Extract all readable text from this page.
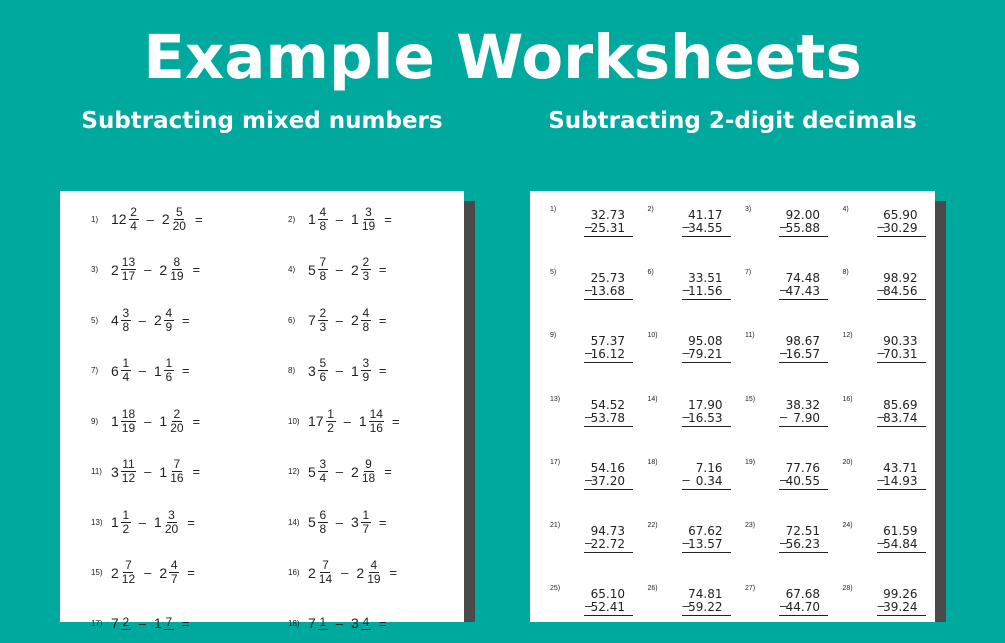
Example Worksheets
Subtracting mixed numbers	Subtracting 2-digit decimals
1) $12 \frac{2}{4} - 2 \frac{5}{20}$ =	2) $1 \frac{4}{8} - 1 \frac{3}{19}$ =
3) $2 \frac{13}{17} - 2 \frac{8}{19}$ =	4) $5 \frac{7}{8} - 2 \frac{2}{3}$ =
5) $4 \frac{3}{8} - 2 \frac{4}{9}$ =	6) $7 \frac{2}{3} - 2 \frac{4}{8}$ =
7) $6 \frac{1}{4} - 1 \frac{1}{6}$ =	8) $3 \frac{5}{6} - 1 \frac{3}{9}$ =
9) $1 \frac{18}{19} - 1 \frac{2}{20}$ =	10) $17 \frac{1}{2} - 1 \frac{14}{16}$ =
11) $3 \frac{11}{12} - 1 \frac{7}{16}$ =	12) $5 \frac{3}{4} - 2 \frac{9}{18}$ =
13) $1 \frac{1}{2} - 1 \frac{3}{20}$ =	14) $5 \frac{6}{8} - 3 \frac{1}{7}$ =
15) $2 \frac{7}{12} - 2 \frac{4}{7}$ =	16) $2 \frac{7}{14} - 2 \frac{4}{19}$ =
17) 7 2 – 1 7 =	18) 7 1 – 3 4 =
1)	32.73
–
25.31
2)	41.17
–
34.55
3)	92.00
–
55.88
4)	65.90
–
30.29
5)	25.73
–
13.68
6)	33.51
–
11.56
7)	74.48
–
47.43
8)	98.92
–
84.56
9)	57.37
–
16.12
10)	95.08
–
79.21
11)	98.67
–
16.57
12)	90.33
–
70.31
13)	54.52
–
53.78
14)	17.90
–
16.53
15)	38.32
– 7.90
16)	85.69
–
83.74
17)	54.16
–
37.20
18)	7.16
– 0.34
19)	77.76
–
40.55
20)	43.71
–
14.93
21)	94.73
–
22.72
22)	67.62
–
13.57
23)	72.51
–
56.23
24)	61.59
–
54.84
25)	65.10
–
52.41
26)	74.81
–
59.22
27)	67.68
–
44.70
28)	99.26
–
39.24
